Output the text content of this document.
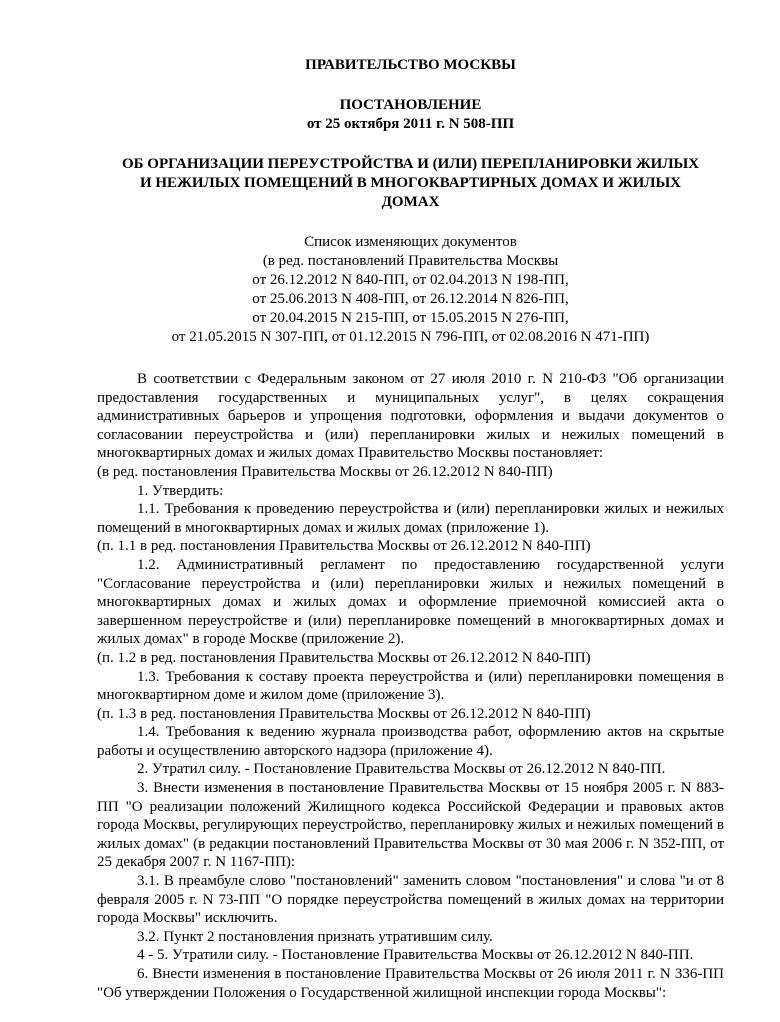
ПРАВИТЕЛЬСТВО МОСКВЫ
ПОСТАНОВЛЕНИЕ
от 25 октября 2011 г. N 508-ПП
ОБ ОРГАНИЗАЦИИ ПЕРЕУСТРОЙСТВА И (ИЛИ) ПЕРЕПЛАНИРОВКИ ЖИЛЫХ
И НЕЖИЛЫХ ПОМЕЩЕНИЙ В МНОГОКВАРТИРНЫХ ДОМАХ И ЖИЛЫХ
ДОМАХ
Список изменяющих документов
(в ред. постановлений Правительства Москвы
от 26.12.2012 N 840-ПП, от 02.04.2013 N 198-ПП,
от 25.06.2013 N 408-ПП, от 26.12.2014 N 826-ПП,
от 20.04.2015 N 215-ПП, от 15.05.2015 N 276-ПП,
от 21.05.2015 N 307-ПП, от 01.12.2015 N 796-ПП, от 02.08.2016 N 471-ПП)

В соответствии с Федеральным законом от 27 июля 2010 г. N 210-ФЗ "Об организации предоставления государственных и муниципальных услуг", в целях сокращения административных барьеров и упрощения подготовки, оформления и выдачи документов о согласовании переустройства и (или) перепланировки жилых и нежилых помещений в многоквартирных домах и жилых домах Правительство Москвы постановляет:

(в ред. постановления Правительства Москвы от 26.12.2012 N 840-ПП)

1. Утвердить:

1.1. Требования к проведению переустройства и (или) перепланировки жилых и нежилых помещений в многоквартирных домах и жилых домах (приложение 1).

(п. 1.1 в ред. постановления Правительства Москвы от 26.12.2012 N 840-ПП)

1.2. Административный регламент по предоставлению государственной услуги "Согласование переустройства и (или) перепланировки жилых и нежилых помещений в многоквартирных домах и жилых домах и оформление приемочной комиссией акта о завершенном переустройстве и (или) перепланировке помещений в многоквартирных домах и жилых домах" в городе Москве (приложение 2).

(п. 1.2 в ред. постановления Правительства Москвы от 26.12.2012 N 840-ПП)

1.3. Требования к составу проекта переустройства и (или) перепланировки помещения в многоквартирном доме и жилом доме (приложение 3).

(п. 1.3 в ред. постановления Правительства Москвы от 26.12.2012 N 840-ПП)

1.4. Требования к ведению журнала производства работ, оформлению актов на скрытые работы и осуществлению авторского надзора (приложение 4).

2. Утратил силу. - Постановление Правительства Москвы от 26.12.2012 N 840-ПП.

3. Внести изменения в постановление Правительства Москвы от 15 ноября 2005 г. N 883-ПП "О реализации положений Жилищного кодекса Российской Федерации и правовых актов города Москвы, регулирующих переустройство, перепланировку жилых и нежилых помещений в жилых домах" (в редакции постановлений Правительства Москвы от 30 мая 2006 г. N 352-ПП, от 25 декабря 2007 г. N 1167-ПП):

3.1. В преамбуле слово "постановлений" заменить словом "постановления" и слова "и от 8 февраля 2005 г. N 73-ПП "О порядке переустройства помещений в жилых домах на территории города Москвы" исключить.

3.2. Пункт 2 постановления признать утратившим силу.

4 - 5. Утратили силу. - Постановление Правительства Москвы от 26.12.2012 N 840-ПП.

6. Внести изменения в постановление Правительства Москвы от 26 июля 2011 г. N 336-ПП "Об утверждении Положения о Государственной жилищной инспекции города Москвы":
